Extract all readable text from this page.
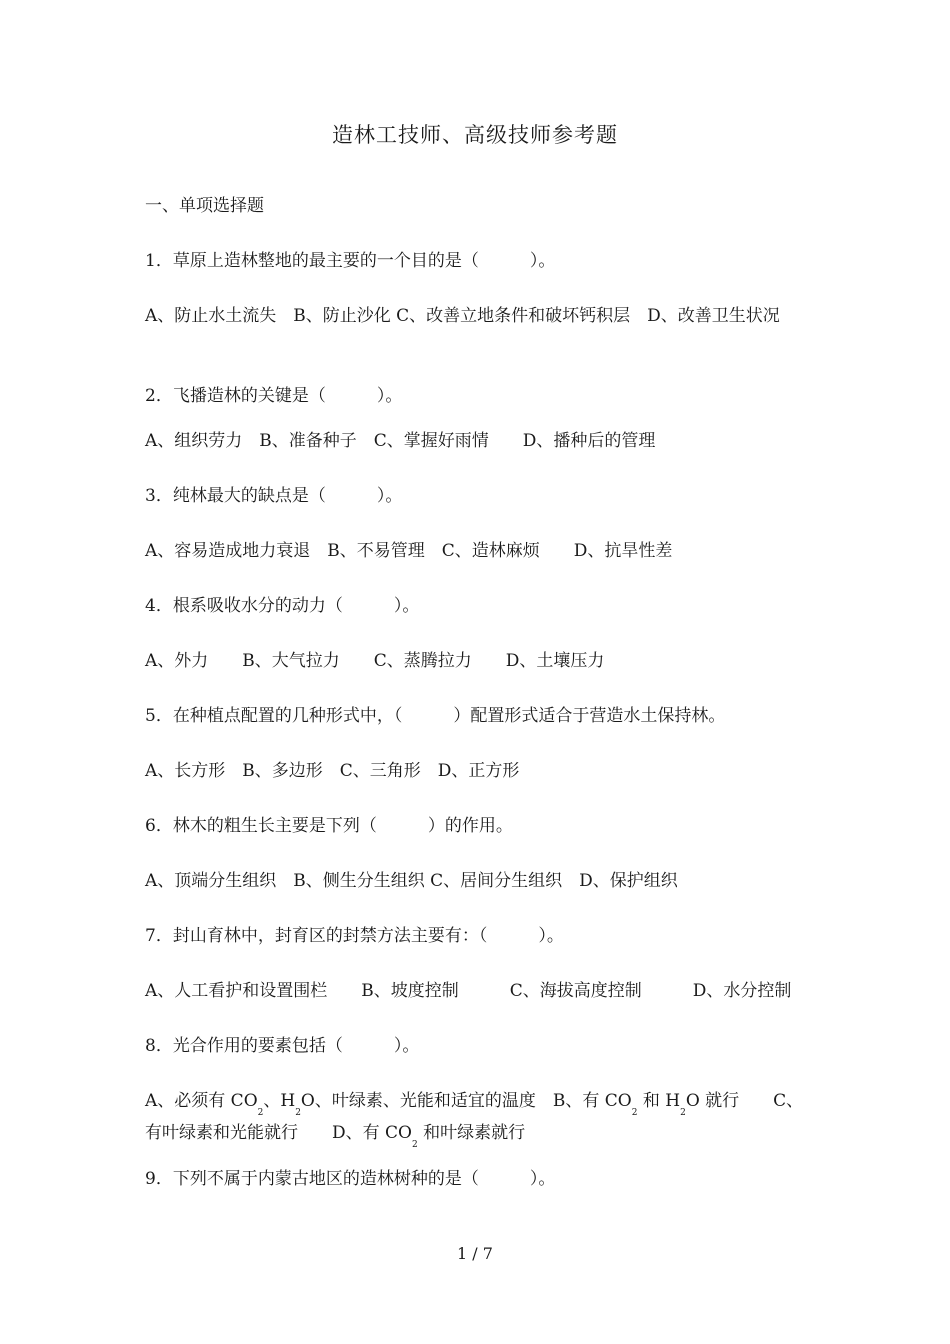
造林工技师、高级技师参考题
一、单项选择题
1．草原上造林整地的最主要的一个目的是（　　　）。
A、防止水土流失　B、防止沙化 C、改善立地条件和破坏钙积层　D、改善卫生状况
2．飞播造林的关键是（　　　）。
A、组织劳力　B、准备种子　C、掌握好雨情　　D、播种后的管理
3．纯林最大的缺点是（　　　）。
A、容易造成地力衰退　B、不易管理　C、造林麻烦　　D、抗旱性差
4．根系吸收水分的动力（　　　）。
A、外力　　B、大气拉力　　C、蒸腾拉力　　D、土壤压力
5．在种植点配置的几种形式中，（　　　）配置形式适合于营造水土保持林。
A、长方形　B、多边形　C、三角形　D、正方形
6．林木的粗生长主要是下列（　　　）的作用。
A、顶端分生组织　B、侧生分生组织 C、居间分生组织　D、保护组织
7．封山育林中，封育区的封禁方法主要有：（　　　）。
A、人工看护和设置围栏　　B、坡度控制　　　C、海拔高度控制　　　D、水分控制
8．光合作用的要素包括（　　　）。
A、必须有 $CO_2$、$H_2O$、叶绿素、光能和适宜的温度　B、有 $CO_2$ 和 $H_2O$ 就行　　C、
有叶绿素和光能就行　　D、有 $CO_2$ 和叶绿素就行
9．下列不属于内蒙古地区的造林树种的是（　　　）。
1 / 7
